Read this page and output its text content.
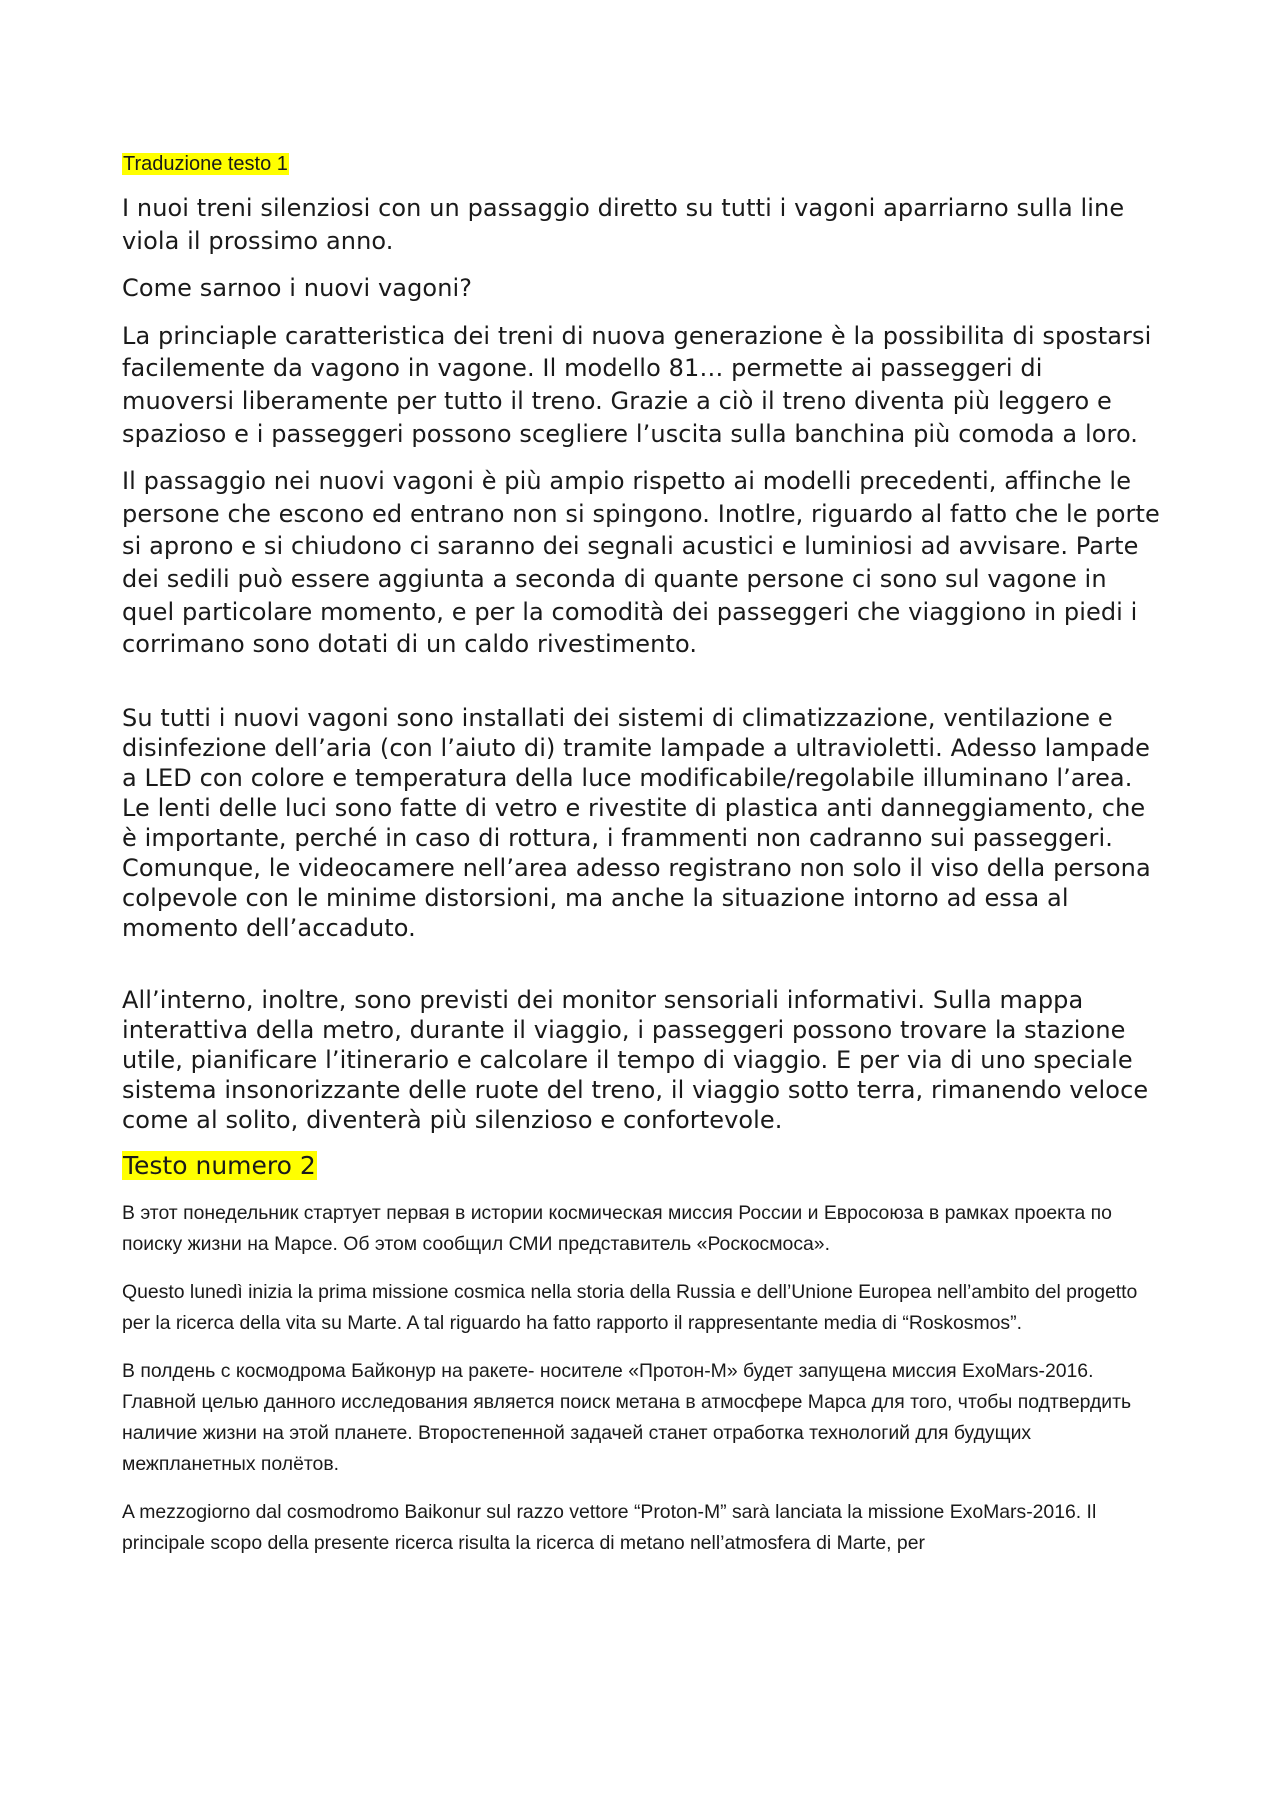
Traduzione testo 1

I nuoi treni silenziosi con un passaggio diretto su tutti i vagoni aparriarno sulla line viola il prossimo anno.

Come sarnoo i nuovi vagoni?

La princiaple caratteristica dei treni di nuova generazione è la possibilita di spostarsi facilemente da vagono in vagone. Il modello 81… permette ai passeggeri di muoversi liberamente per tutto il treno. Grazie a ciò il treno diventa più leggero e spazioso e i passeggeri possono scegliere l’uscita sulla banchina più comoda a loro.

Il passaggio nei nuovi vagoni è più ampio rispetto ai modelli precedenti, affinche le persone che escono ed entrano non si spingono. Inotlre, riguardo al fatto che le porte si aprono e si chiudono ci saranno dei segnali acustici e luminiosi ad avvisare. Parte dei sedili può essere aggiunta a seconda di quante persone ci sono sul vagone in quel particolare momento, e per la comodità dei passeggeri che viaggiono in piedi i corrimano sono dotati di un caldo rivestimento.

Su tutti i nuovi vagoni sono installati dei sistemi di climatizzazione, ventilazione e disinfezione dell’aria (con l’aiuto di) tramite lampade a ultravioletti. Adesso lampade a LED con colore e temperatura della luce modificabile/regolabile illuminano l’area. Le lenti delle luci sono fatte di vetro e rivestite di plastica anti danneggiamento, che è importante, perché in caso di rottura, i frammenti non cadranno sui passeggeri. Comunque, le videocamere nell’area adesso registrano non solo il viso della persona colpevole con le minime distorsioni, ma anche la situazione intorno ad essa al momento dell’accaduto.

All’interno, inoltre, sono previsti dei monitor sensoriali informativi. Sulla mappa interattiva della metro, durante il viaggio, i passeggeri possono trovare la stazione utile, pianificare l’itinerario e calcolare il tempo di viaggio. E per via di uno speciale sistema insonorizzante delle ruote del treno, il viaggio sotto terra, rimanendo veloce come al solito, diventerà più silenzioso e confortevole.

Testo numero 2

В этот понедельник стартует первая в истории космическая миссия России и Евросоюза в рамках проекта по поиску жизни на Марсе. Об этом сообщил СМИ представитель «Роскосмоса».

Questo lunedì inizia la prima missione cosmica nella storia della Russia e dell’Unione Europea nell’ambito del progetto per la ricerca della vita su Marte. A tal riguardo ha fatto rapporto il rappresentante media di “Roskosmos”.

В полдень с космодрома Байконур на ракете- носителе «Протон-М» будет запущена миссия ExoMars-2016. Главной целью данного исследования является поиск метана в атмосфере Марса для того, чтобы подтвердить наличие жизни на этой планете. Второстепенной задачей станет отработка технологий для будущих межпланетных полётов.

A mezzogiorno dal cosmodromo Baikonur sul razzo vettore “Proton-M” sarà lanciata la missione ExoMars-2016. Il principale scopo della presente ricerca risulta la ricerca di metano nell’atmosfera di Marte, per
